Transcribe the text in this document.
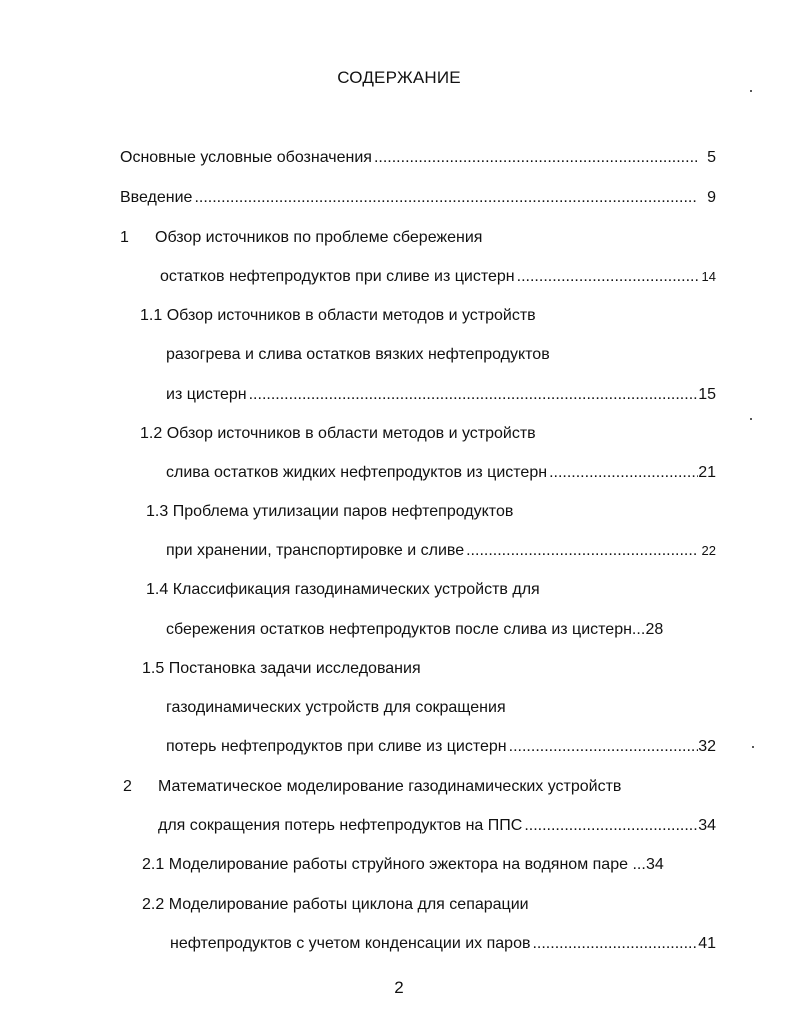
СОДЕРЖАНИЕ
Основные условные обозначения .....	5
Введение .....	9
1 Обзор источников по проблеме сбережения
остатков нефтепродуктов при сливе из цистерн .....	14
1.1 Обзор источников в области методов и устройств
разогрева и слива остатков вязких нефтепродуктов
из цистерн .....	15
1.2 Обзор источников в области методов и устройств
слива остатков жидких нефтепродуктов из цистерн .....	21
1.3 Проблема утилизации паров нефтепродуктов
при хранении, транспортировке и сливе .....	22
1.4 Классификация газодинамических устройств для
сбережения остатков нефтепродуктов после слива из цистерн... 28
1.5 Постановка задачи исследования
газодинамических устройств для сокращения
потерь нефтепродуктов при сливе из цистерн .....	32
2 Математическое моделирование газодинамических устройств
для сокращения потерь нефтепродуктов на ППС .....	34
2.1 Моделирование работы струйного эжектора на водяном паре ... 34
2.2 Моделирование работы циклона для сепарации
нефтепродуктов с учетом конденсации их паров .....	41
2
